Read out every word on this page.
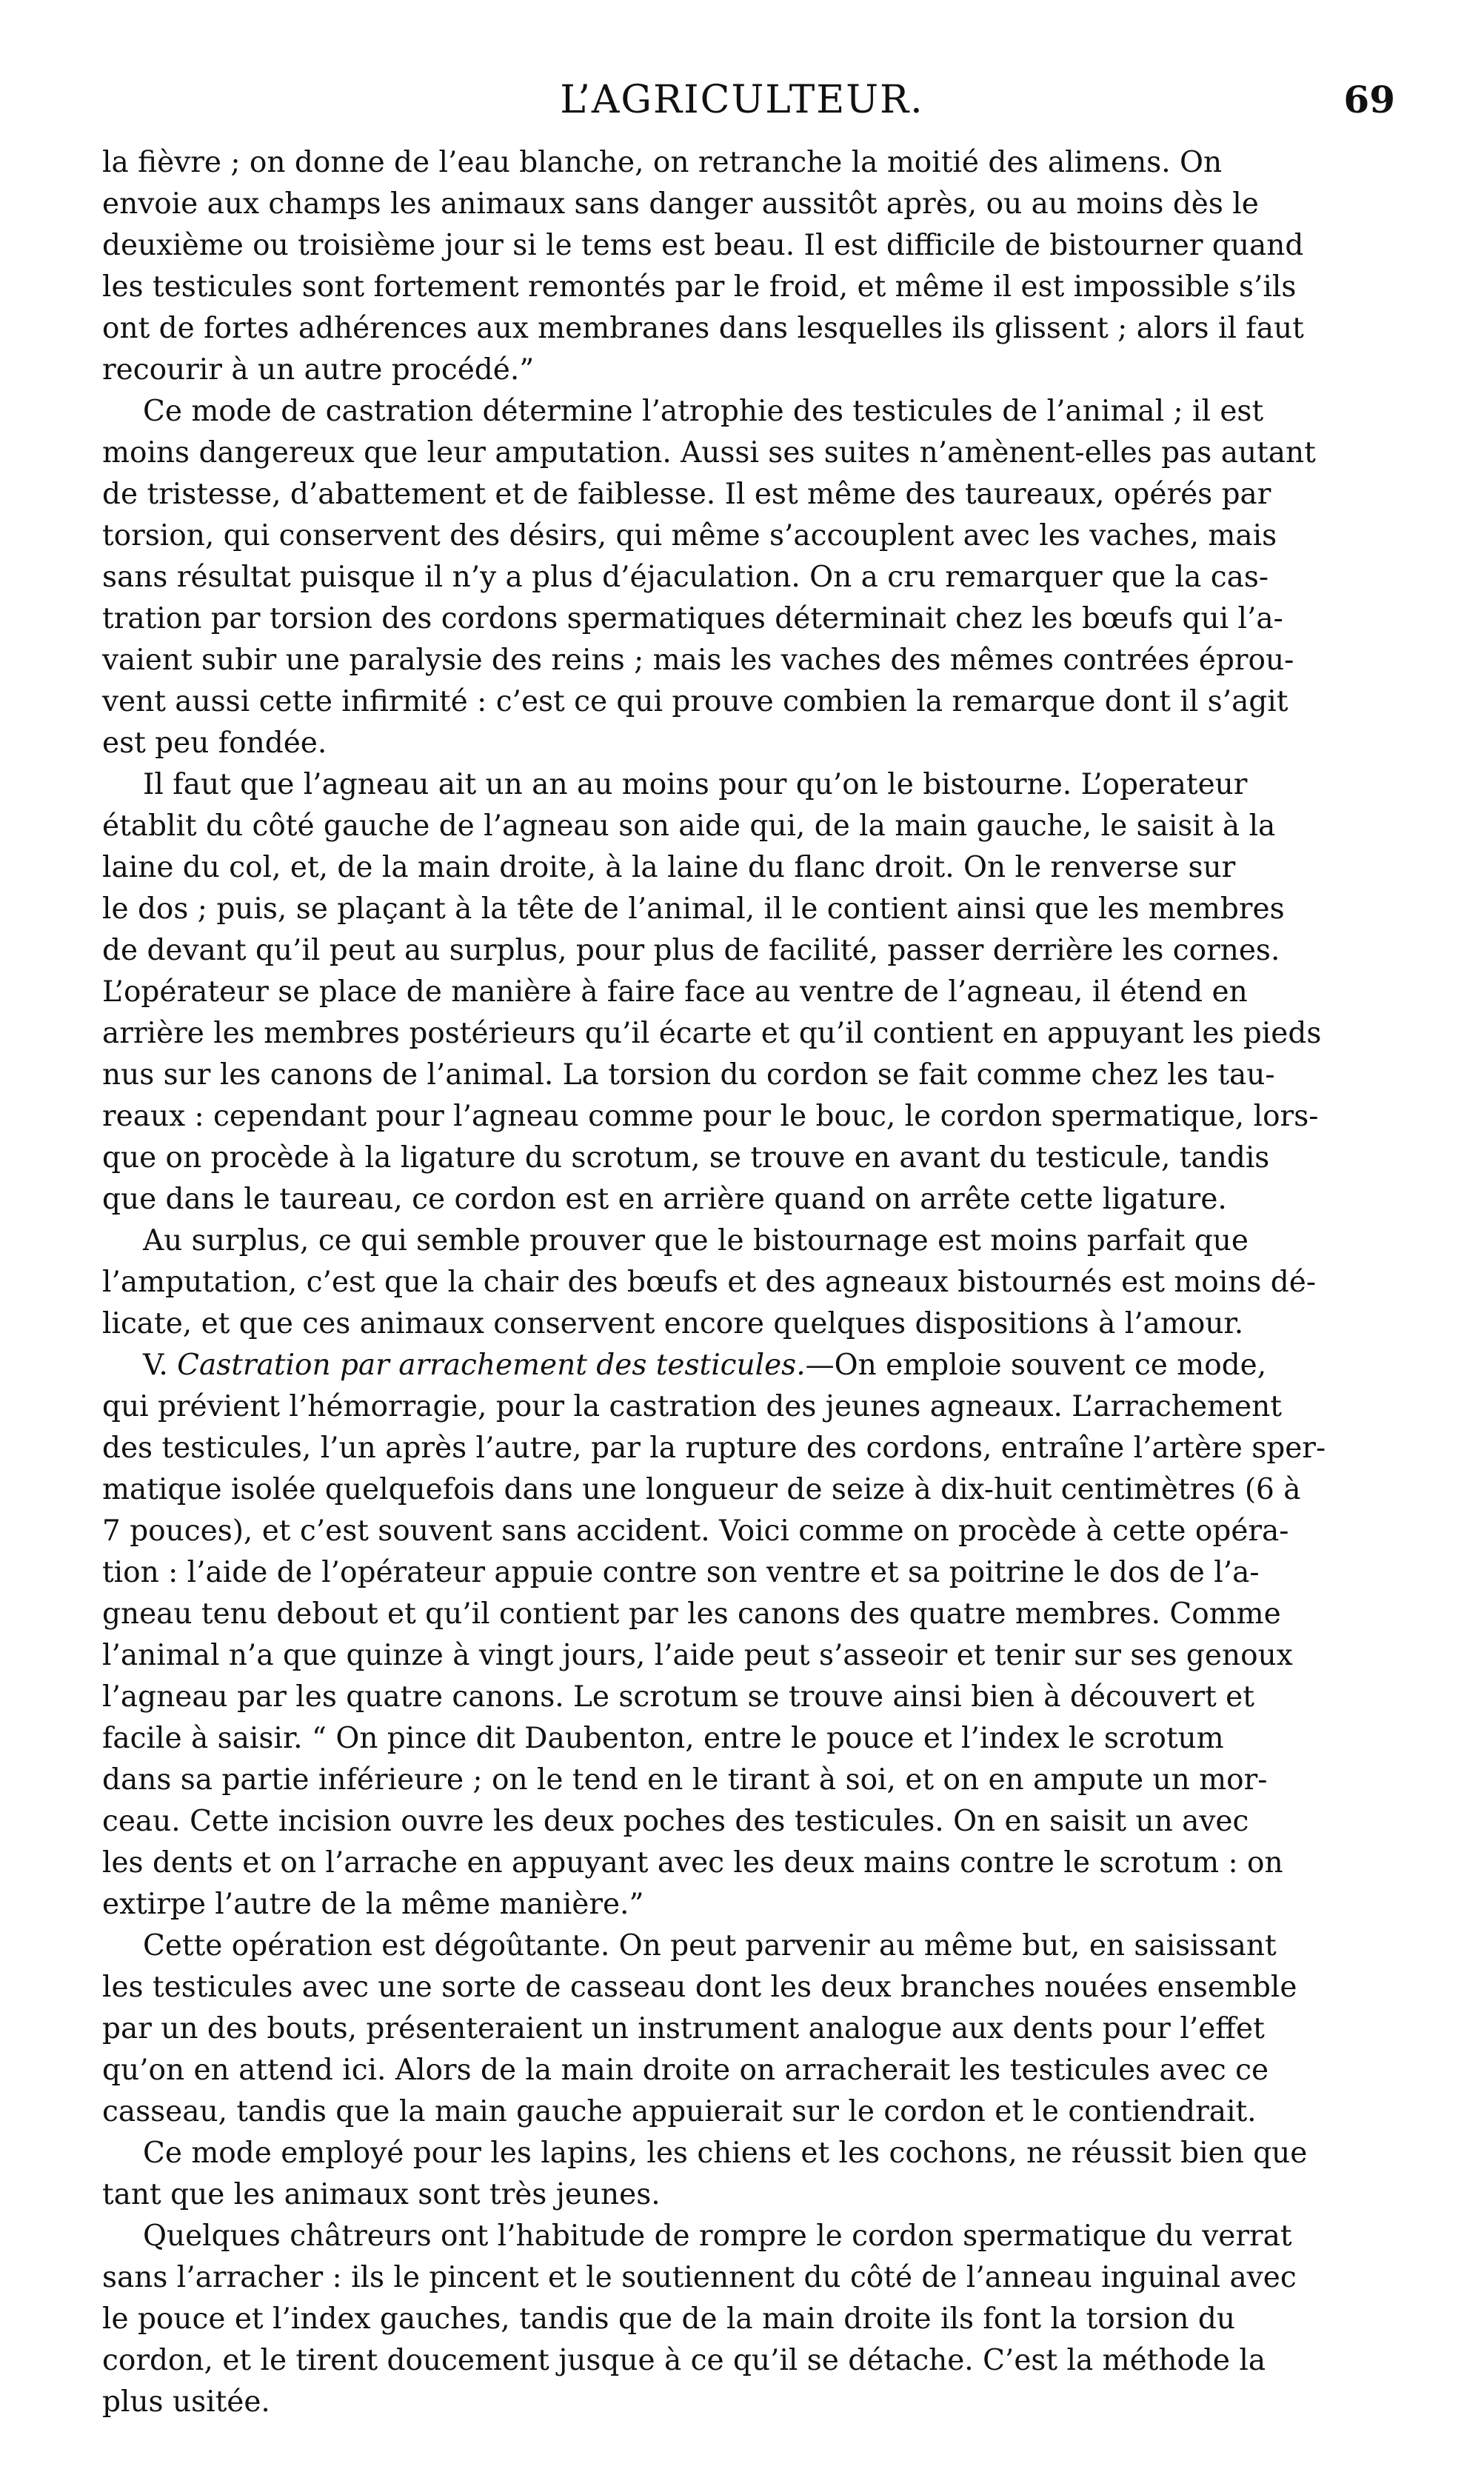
L’AGRICULTEUR.	69
la fièvre ; on donne de l’eau blanche, on retranche la moitié des alimens. On
envoie aux champs les animaux sans danger aussitôt après, ou au moins dès le
deuxième ou troisième jour si le tems est beau. Il est difficile de bistourner quand
les testicules sont fortement remontés par le froid, et même il est impossible s’ils
ont de fortes adhérences aux membranes dans lesquelles ils glissent ; alors il faut
recourir à un autre procédé.”
Ce mode de castration détermine l’atrophie des testicules de l’animal ; il est
moins dangereux que leur amputation. Aussi ses suites n’amènent-elles pas autant
de tristesse, d’abattement et de faiblesse. Il est même des taureaux, opérés par
torsion, qui conservent des désirs, qui même s’accouplent avec les vaches, mais
sans résultat puisque il n’y a plus d’éjaculation. On a cru remarquer que la cas-
tration par torsion des cordons spermatiques déterminait chez les bœufs qui l’a-
vaient subir une paralysie des reins ; mais les vaches des mêmes contrées éprou-
vent aussi cette infirmité : c’est ce qui prouve combien la remarque dont il s’agit
est peu fondée.
Il faut que l’agneau ait un an au moins pour qu’on le bistourne. L’operateur
établit du côté gauche de l’agneau son aide qui, de la main gauche, le saisit à la
laine du col, et, de la main droite, à la laine du flanc droit. On le renverse sur
le dos ; puis, se plaçant à la tête de l’animal, il le contient ainsi que les membres
de devant qu’il peut au surplus, pour plus de facilité, passer derrière les cornes.
L’opérateur se place de manière à faire face au ventre de l’agneau, il étend en
arrière les membres postérieurs qu’il écarte et qu’il contient en appuyant les pieds
nus sur les canons de l’animal. La torsion du cordon se fait comme chez les tau-
reaux : cependant pour l’agneau comme pour le bouc, le cordon spermatique, lors-
que on procède à la ligature du scrotum, se trouve en avant du testicule, tandis
que dans le taureau, ce cordon est en arrière quand on arrête cette ligature.
Au surplus, ce qui semble prouver que le bistournage est moins parfait que
l’amputation, c’est que la chair des bœufs et des agneaux bistournés est moins dé-
licate, et que ces animaux conservent encore quelques dispositions à l’amour.
V. Castration par arrachement des testicules.—On emploie souvent ce mode,
qui prévient l’hémorragie, pour la castration des jeunes agneaux. L’arrachement
des testicules, l’un après l’autre, par la rupture des cordons, entraîne l’artère sper-
matique isolée quelquefois dans une longueur de seize à dix-huit centimètres (6 à
7 pouces), et c’est souvent sans accident. Voici comme on procède à cette opéra-
tion : l’aide de l’opérateur appuie contre son ventre et sa poitrine le dos de l’a-
gneau tenu debout et qu’il contient par les canons des quatre membres. Comme
l’animal n’a que quinze à vingt jours, l’aide peut s’asseoir et tenir sur ses genoux
l’agneau par les quatre canons. Le scrotum se trouve ainsi bien à découvert et
facile à saisir. “ On pince dit Daubenton, entre le pouce et l’index le scrotum
dans sa partie inférieure ; on le tend en le tirant à soi, et on en ampute un mor-
ceau. Cette incision ouvre les deux poches des testicules. On en saisit un avec
les dents et on l’arrache en appuyant avec les deux mains contre le scrotum : on
extirpe l’autre de la même manière.”
Cette opération est dégoûtante. On peut parvenir au même but, en saisissant
les testicules avec une sorte de casseau dont les deux branches nouées ensemble
par un des bouts, présenteraient un instrument analogue aux dents pour l’effet
qu’on en attend ici. Alors de la main droite on arracherait les testicules avec ce
casseau, tandis que la main gauche appuierait sur le cordon et le contiendrait.
Ce mode employé pour les lapins, les chiens et les cochons, ne réussit bien que
tant que les animaux sont très jeunes.
Quelques châtreurs ont l’habitude de rompre le cordon spermatique du verrat
sans l’arracher : ils le pincent et le soutiennent du côté de l’anneau inguinal avec
le pouce et l’index gauches, tandis que de la main droite ils font la torsion du
cordon, et le tirent doucement jusque à ce qu’il se détache. C’est la méthode la
plus usitée.
